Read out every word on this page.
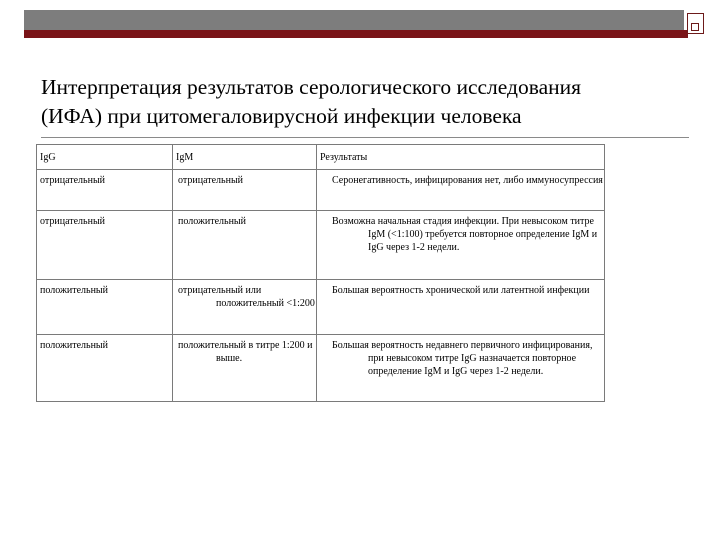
Интерпретация результатов серологического исследования
(ИФА) при цитомегаловирусной инфекции человека
IgG	IgM	Результаты

отрицательный	отрицательный	Серонегативность, инфицирования нет, либо иммуносупрессия

отрицательный	положительный	Возможна начальная стадия инфекции. При невысоком титре IgM (<1:100) требуется повторное определение IgM и IgG через 1-2 недели.

положительный	отрицательный или положительный <1:200	Большая вероятность хронической или латентной инфекции

положительный	положительный в титре 1:200 и выше.	Большая вероятность недавнего первичного инфицирования, при невысоком титре IgG назначается повторное определение IgM и IgG через 1-2 недели.
